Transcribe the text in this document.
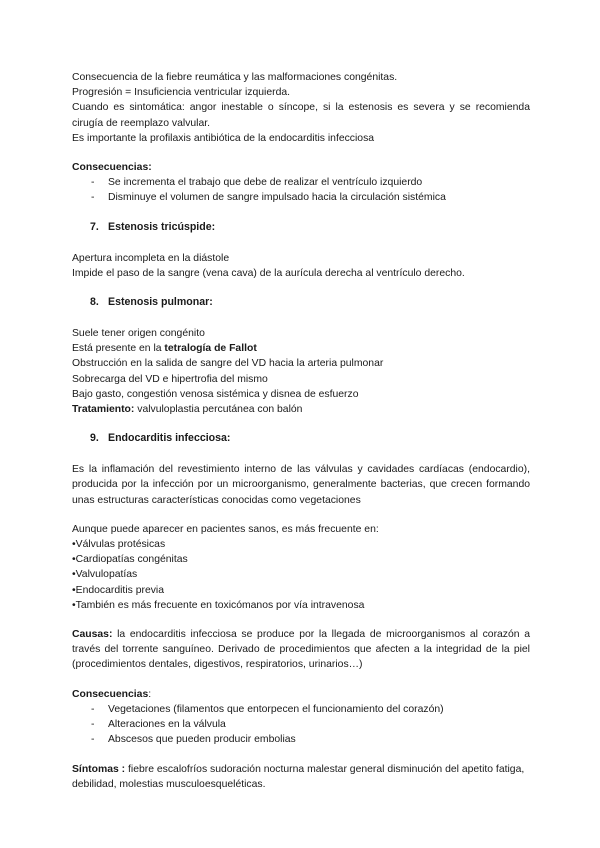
Consecuencia de la fiebre reumática y las malformaciones congénitas.

Progresión = Insuficiencia ventricular izquierda.

Cuando es sintomática: angor inestable o síncope, si la estenosis es severa y se recomienda cirugía de reemplazo valvular.

Es importante la profilaxis antibiótica de la endocarditis infecciosa

Consecuencias:

- Se incrementa el trabajo que debe de realizar el ventrículo izquierdo
- Disminuye el volumen de sangre impulsado hacia la circulación sistémica
7. Estenosis tricúspide:

Apertura incompleta en la diástole

Impide el paso de la sangre (vena cava) de la aurícula derecha al ventrículo derecho.

8. Estenosis pulmonar:

Suele tener origen congénito

Está presente en la tetralogía de Fallot

Obstrucción en la salida de sangre del VD hacia la arteria pulmonar

Sobrecarga del VD e hipertrofia del mismo

Bajo gasto, congestión venosa sistémica y disnea de esfuerzo

Tratamiento: valvuloplastia percutánea con balón

9. Endocarditis infecciosa:

Es la inflamación del revestimiento interno de las válvulas y cavidades cardíacas (endocardio), producida por la infección por un microorganismo, generalmente bacterias, que crecen formando unas estructuras características conocidas como vegetaciones

Aunque puede aparecer en pacientes sanos, es más frecuente en:

• Válvulas protésicas
• Cardiopatías congénitas
• Valvulopatías
• Endocarditis previa
• También es más frecuente en toxicómanos por vía intravenosa

Causas: la endocarditis infecciosa se produce por la llegada de microorganismos al corazón a través del torrente sanguíneo. Derivado de procedimientos que afecten a la integridad de la piel (procedimientos dentales, digestivos, respiratorios, urinarios…)

Consecuencias:

- Vegetaciones (filamentos que entorpecen el funcionamiento del corazón)
- Alteraciones en la válvula
- Abscesos que pueden producir embolias

Síntomas : fiebre escalofríos sudoración nocturna malestar general disminución del apetito fatiga, debilidad, molestias musculoesqueléticas.
